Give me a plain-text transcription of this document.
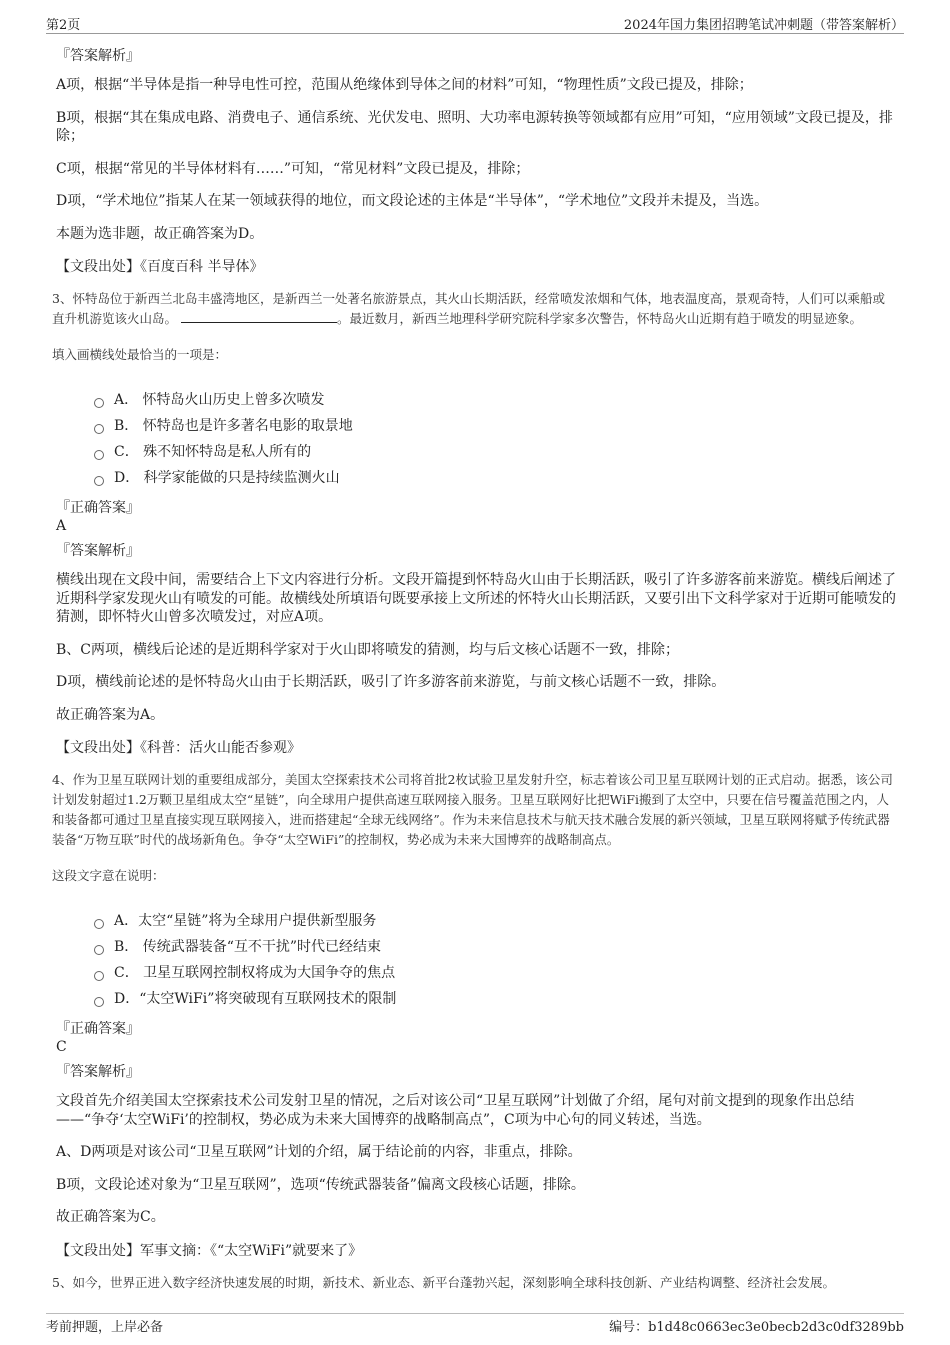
第2页	2024年国力集团招聘笔试冲刺题（带答案解析）
『答案解析』
A项，根据“半导体是指一种导电性可控，范围从绝缘体到导体之间的材料”可知，“物理性质”文段已提及，排除；
B项，根据“其在集成电路、消费电子、通信系统、光伏发电、照明、大功率电源转换等领域都有应用”可知，“应用领域”文段已提及，排除；
C项，根据“常见的半导体材料有……”可知，“常见材料”文段已提及，排除；
D项，“学术地位”指某人在某一领域获得的地位，而文段论述的主体是“半导体”，“学术地位”文段并未提及，当选。
本题为选非题，故正确答案为D。
【文段出处】《百度百科 半导体》
3、怀特岛位于新西兰北岛丰盛湾地区，是新西兰一处著名旅游景点，其火山长期活跃，经常喷发浓烟和气体，地表温度高，景观奇特，人们可以乘船或直升机游览该火山岛。	。最近数月，新西兰地理科学研究院科学家多次警告，怀特岛火山近期有趋于喷发的明显迹象。
填入画横线处最恰当的一项是：
A． 怀特岛火山历史上曾多次喷发
B． 怀特岛也是许多著名电影的取景地
C． 殊不知怀特岛是私人所有的
D． 科学家能做的只是持续监测火山
『正确答案』
A
『答案解析』
横线出现在文段中间，需要结合上下文内容进行分析。文段开篇提到怀特岛火山由于长期活跃，吸引了许多游客前来游览。横线后阐述了近期科学家发现火山有喷发的可能。故横线处所填语句既要承接上文所述的怀特火山长期活跃，又要引出下文科学家对于近期可能喷发的猜测，即怀特火山曾多次喷发过，对应A项。
B、C两项，横线后论述的是近期科学家对于火山即将喷发的猜测，均与后文核心话题不一致，排除；
D项，横线前论述的是怀特岛火山由于长期活跃，吸引了许多游客前来游览，与前文核心话题不一致，排除。
故正确答案为A。
【文段出处】《科普：活火山能否参观》
4、作为卫星互联网计划的重要组成部分，美国太空探索技术公司将首批2枚试验卫星发射升空，标志着该公司卫星互联网计划的正式启动。据悉，该公司计划发射超过1.2万颗卫星组成太空“星链”，向全球用户提供高速互联网接入服务。卫星互联网好比把WiFi搬到了太空中，只要在信号覆盖范围之内，人和装备都可通过卫星直接实现互联网接入，进而搭建起“全球无线网络”。作为未来信息技术与航天技术融合发展的新兴领域，卫星互联网将赋予传统武器装备“万物互联”时代的战场新角色。争夺“太空WiFi”的控制权，势必成为未来大国博弈的战略制高点。
这段文字意在说明：
A．太空“星链”将为全球用户提供新型服务
B． 传统武器装备“互不干扰”时代已经结束
C． 卫星互联网控制权将成为大国争夺的焦点
D．“太空WiFi”将突破现有互联网技术的限制
『正确答案』
C
『答案解析』
文段首先介绍美国太空探索技术公司发射卫星的情况，之后对该公司“卫星互联网”计划做了介绍，尾句对前文提到的现象作出总结——“争夺‘太空WiFi’的控制权，势必成为未来大国博弈的战略制高点”，C项为中心句的同义转述，当选。
A、D两项是对该公司“卫星互联网”计划的介绍，属于结论前的内容，非重点，排除。
B项，文段论述对象为“卫星互联网”，选项“传统武器装备”偏离文段核心话题，排除。
故正确答案为C。
【文段出处】军事文摘：《“太空WiFi”就要来了》
5、如今，世界正进入数字经济快速发展的时期，新技术、新业态、新平台蓬勃兴起，深刻影响全球科技创新、产业结构调整、经济社会发展。
考前押题，上岸必备	编号：b1d48c0663ec3e0becb2d3c0df3289bb
